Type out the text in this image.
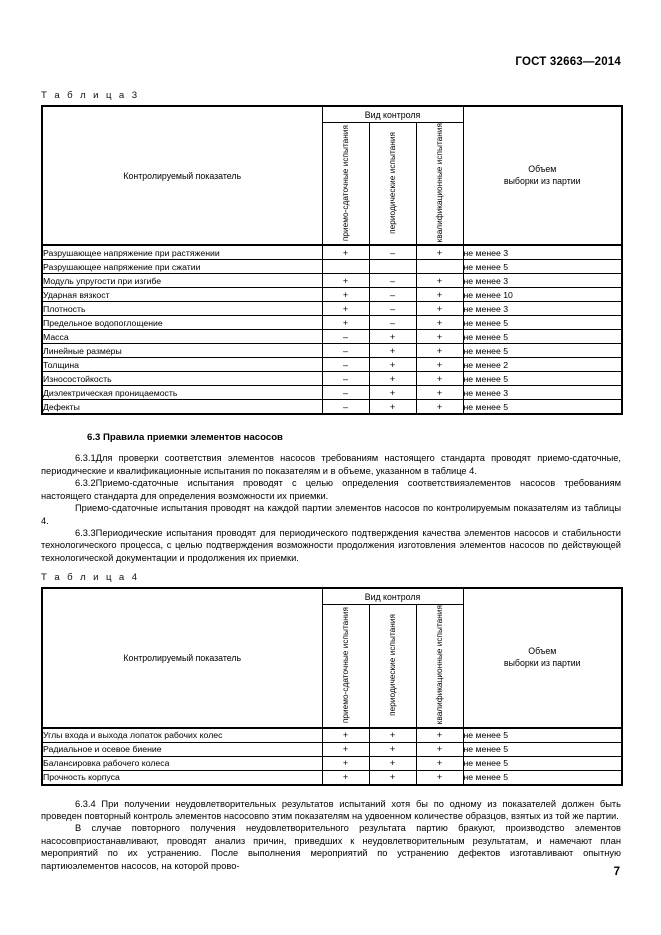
ГОСТ 32663—2014
Т а б л и ц а 3
Контролируемый показатель	Вид контроля			Объем
выборки из партии
	приемо-сдаточные испытания	периодические испытания	квалификационные испытания	
Разрушающее напряжение при растяжении	+	–	+	не менее 3
Разрушающее напряжение при сжатии				не менее 5
Модуль упругости при изгибе	+	–	+	не менее 3
Ударная вязкост	+	–	+	не менее 10
Плотность	+	–	+	не менее 3
Предельное водопоглощение	+	–	+	не менее 5
Масса	–	+	+	не менее 5
Линейные размеры	–	+	+	не менее 5
Толщина	–	+	+	не менее 2
Износостойкость	–	+	+	не менее 5
Диэлектрическая проницаемость	–	+	+	не менее 3
Дефекты	–	+	+	не менее 5
6.3 Правила приемки элементов насосов

6.3.1Для проверки соответствия элементов насосов требованиям настоящего стандарта проводят приемо-сдаточные, периодические и квалификационные испытания по показателям и в объеме, указанном в таблице 4.

6.3.2Приемо-сдаточные испытания проводят с целью определения соответствияэлементов насосов требованиям настоящего стандарта для определения возможности их приемки.

Приемо-сдаточные испытания проводят на каждой партии элементов насосов по контролируемым показателям из таблицы 4.

6.3.3Периодические испытания проводят для периодического подтверждения качества элементов насосов и стабильности технологического процесса, с целью подтверждения возможности продолжения изготовления элементов насосов по действующей технологической документации и продолжения их приемки.

Т а б л и ц а 4
Контролируемый показатель	Вид контроля			Объем
выборки из партии
	приемо-сдаточные испытания	периодические испытания	квалификационные испытания	
Углы входа и выхода лопаток рабочих колес	+	+	+	не менее 5
Радиальное и осевое биение	+	+	+	не менее 5
Балансировка рабочего колеса	+	+	+	не менее 5
Прочность корпуса	+	+	+	не менее 5

6.3.4 При получении неудовлетворительных результатов испытаний хотя бы по одному из показателей должен быть проведен повторный контроль элементов насосовпо этим показателям на удвоенном количестве образцов, взятых из той же партии.

В случае повторного получения неудовлетворительного результата партию бракуют, производство элементов насосовприостанавливают, проводят анализ причин, приведших к неудовлетворительным результатам, и намечают план мероприятий по их устранению. После выполнения мероприятий по устранению дефектов изготавливают опытную партиюэлементов насосов, на которой прово-

7
